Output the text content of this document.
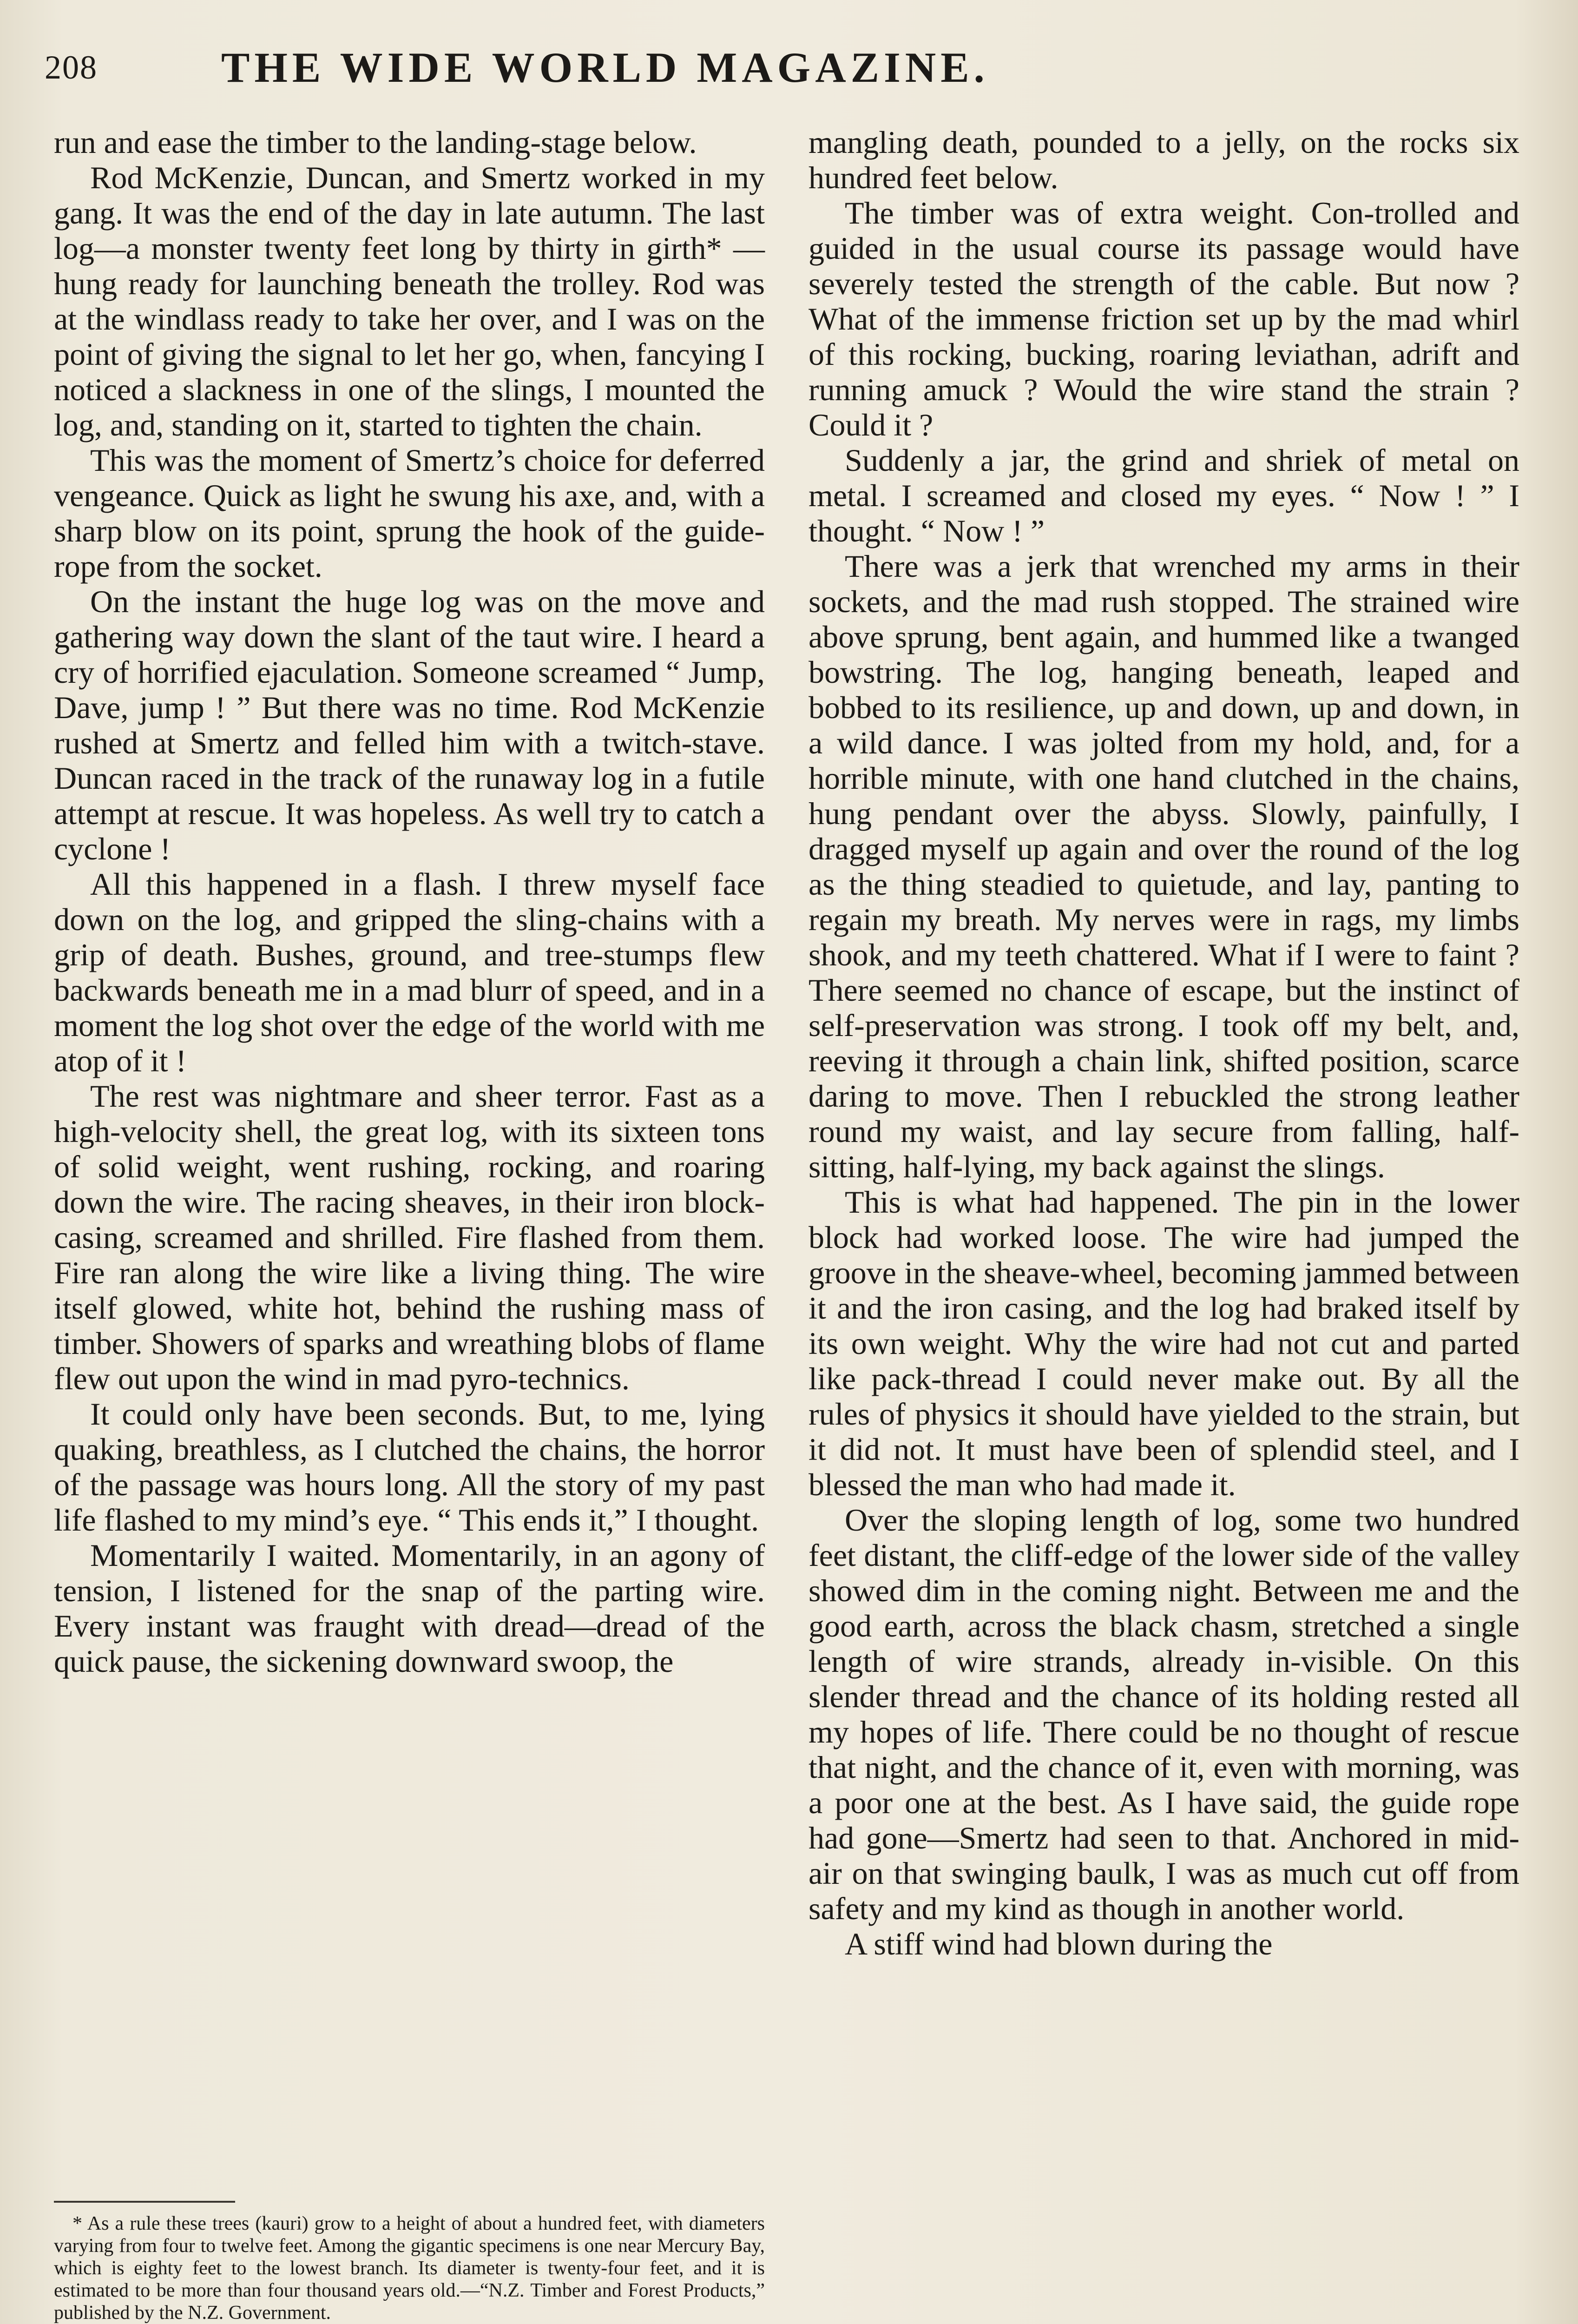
208	THE WIDE WORLD MAGAZINE.

run and ease the timber to the landing-stage below.

Rod McKenzie, Duncan, and Smertz worked in my gang. It was the end of the day in late autumn. The last log—a monster twenty feet long by thirty in girth* —hung ready for launching beneath the trolley. Rod was at the windlass ready to take her over, and I was on the point of giving the signal to let her go, when, fancying I noticed a slackness in one of the slings, I mounted the log, and, standing on it, started to tighten the chain.

This was the moment of Smertz’s choice for deferred vengeance. Quick as light he swung his axe, and, with a sharp blow on its point, sprung the hook of the guide-rope from the socket.

On the instant the huge log was on the move and gathering way down the slant of the taut wire. I heard a cry of horrified ejaculation. Someone screamed “ Jump, Dave, jump ! ” But there was no time. Rod McKenzie rushed at Smertz and felled him with a twitch-stave. Duncan raced in the track of the runaway log in a futile attempt at rescue. It was hopeless. As well try to catch a cyclone !

All this happened in a flash. I threw myself face down on the log, and gripped the sling-chains with a grip of death. Bushes, ground, and tree-stumps flew backwards beneath me in a mad blurr of speed, and in a moment the log shot over the edge of the world with me atop of it !

The rest was nightmare and sheer terror. Fast as a high-velocity shell, the great log, with its sixteen tons of solid weight, went rushing, rocking, and roaring down the wire. The racing sheaves, in their iron block-casing, screamed and shrilled. Fire flashed from them. Fire ran along the wire like a living thing. The wire itself glowed, white hot, behind the rushing mass of timber. Showers of sparks and wreathing blobs of flame flew out upon the wind in mad pyro-technics.

It could only have been seconds. But, to me, lying quaking, breathless, as I clutched the chains, the horror of the passage was hours long. All the story of my past life flashed to my mind’s eye. “ This ends it,” I thought.

Momentarily I waited. Momentarily, in an agony of tension, I listened for the snap of the parting wire. Every instant was fraught with dread—dread of the quick pause, the sickening downward swoop, the

mangling death, pounded to a jelly, on the rocks six hundred feet below.

The timber was of extra weight. Con-trolled and guided in the usual course its passage would have severely tested the strength of the cable. But now ? What of the immense friction set up by the mad whirl of this rocking, bucking, roaring leviathan, adrift and running amuck ? Would the wire stand the strain ? Could it ?

Suddenly a jar, the grind and shriek of metal on metal. I screamed and closed my eyes. “ Now ! ” I thought. “ Now ! ”

There was a jerk that wrenched my arms in their sockets, and the mad rush stopped. The strained wire above sprung, bent again, and hummed like a twanged bowstring. The log, hanging beneath, leaped and bobbed to its resilience, up and down, up and down, in a wild dance. I was jolted from my hold, and, for a horrible minute, with one hand clutched in the chains, hung pendant over the abyss. Slowly, painfully, I dragged myself up again and over the round of the log as the thing steadied to quietude, and lay, panting to regain my breath. My nerves were in rags, my limbs shook, and my teeth chattered. What if I were to faint ? There seemed no chance of escape, but the instinct of self-preservation was strong. I took off my belt, and, reeving it through a chain link, shifted position, scarce daring to move. Then I rebuckled the strong leather round my waist, and lay secure from falling, half-sitting, half-lying, my back against the slings.

This is what had happened. The pin in the lower block had worked loose. The wire had jumped the groove in the sheave-wheel, becoming jammed between it and the iron casing, and the log had braked itself by its own weight. Why the wire had not cut and parted like pack-thread I could never make out. By all the rules of physics it should have yielded to the strain, but it did not. It must have been of splendid steel, and I blessed the man who had made it.

Over the sloping length of log, some two hundred feet distant, the cliff-edge of the lower side of the valley showed dim in the coming night. Between me and the good earth, across the black chasm, stretched a single length of wire strands, already in-visible. On this slender thread and the chance of its holding rested all my hopes of life. There could be no thought of rescue that night, and the chance of it, even with morning, was a poor one at the best. As I have said, the guide rope had gone—Smertz had seen to that. Anchored in mid-air on that swinging baulk, I was as much cut off from safety and my kind as though in another world.

A stiff wind had blown during the

* As a rule these trees (kauri) grow to a height of about a hundred feet, with diameters varying from four to twelve feet. Among the gigantic specimens is one near Mercury Bay, which is eighty feet to the lowest branch. Its diameter is twenty-four feet, and it is estimated to be more than four thousand years old.—“N.Z. Timber and Forest Products,” published by the N.Z. Government.
